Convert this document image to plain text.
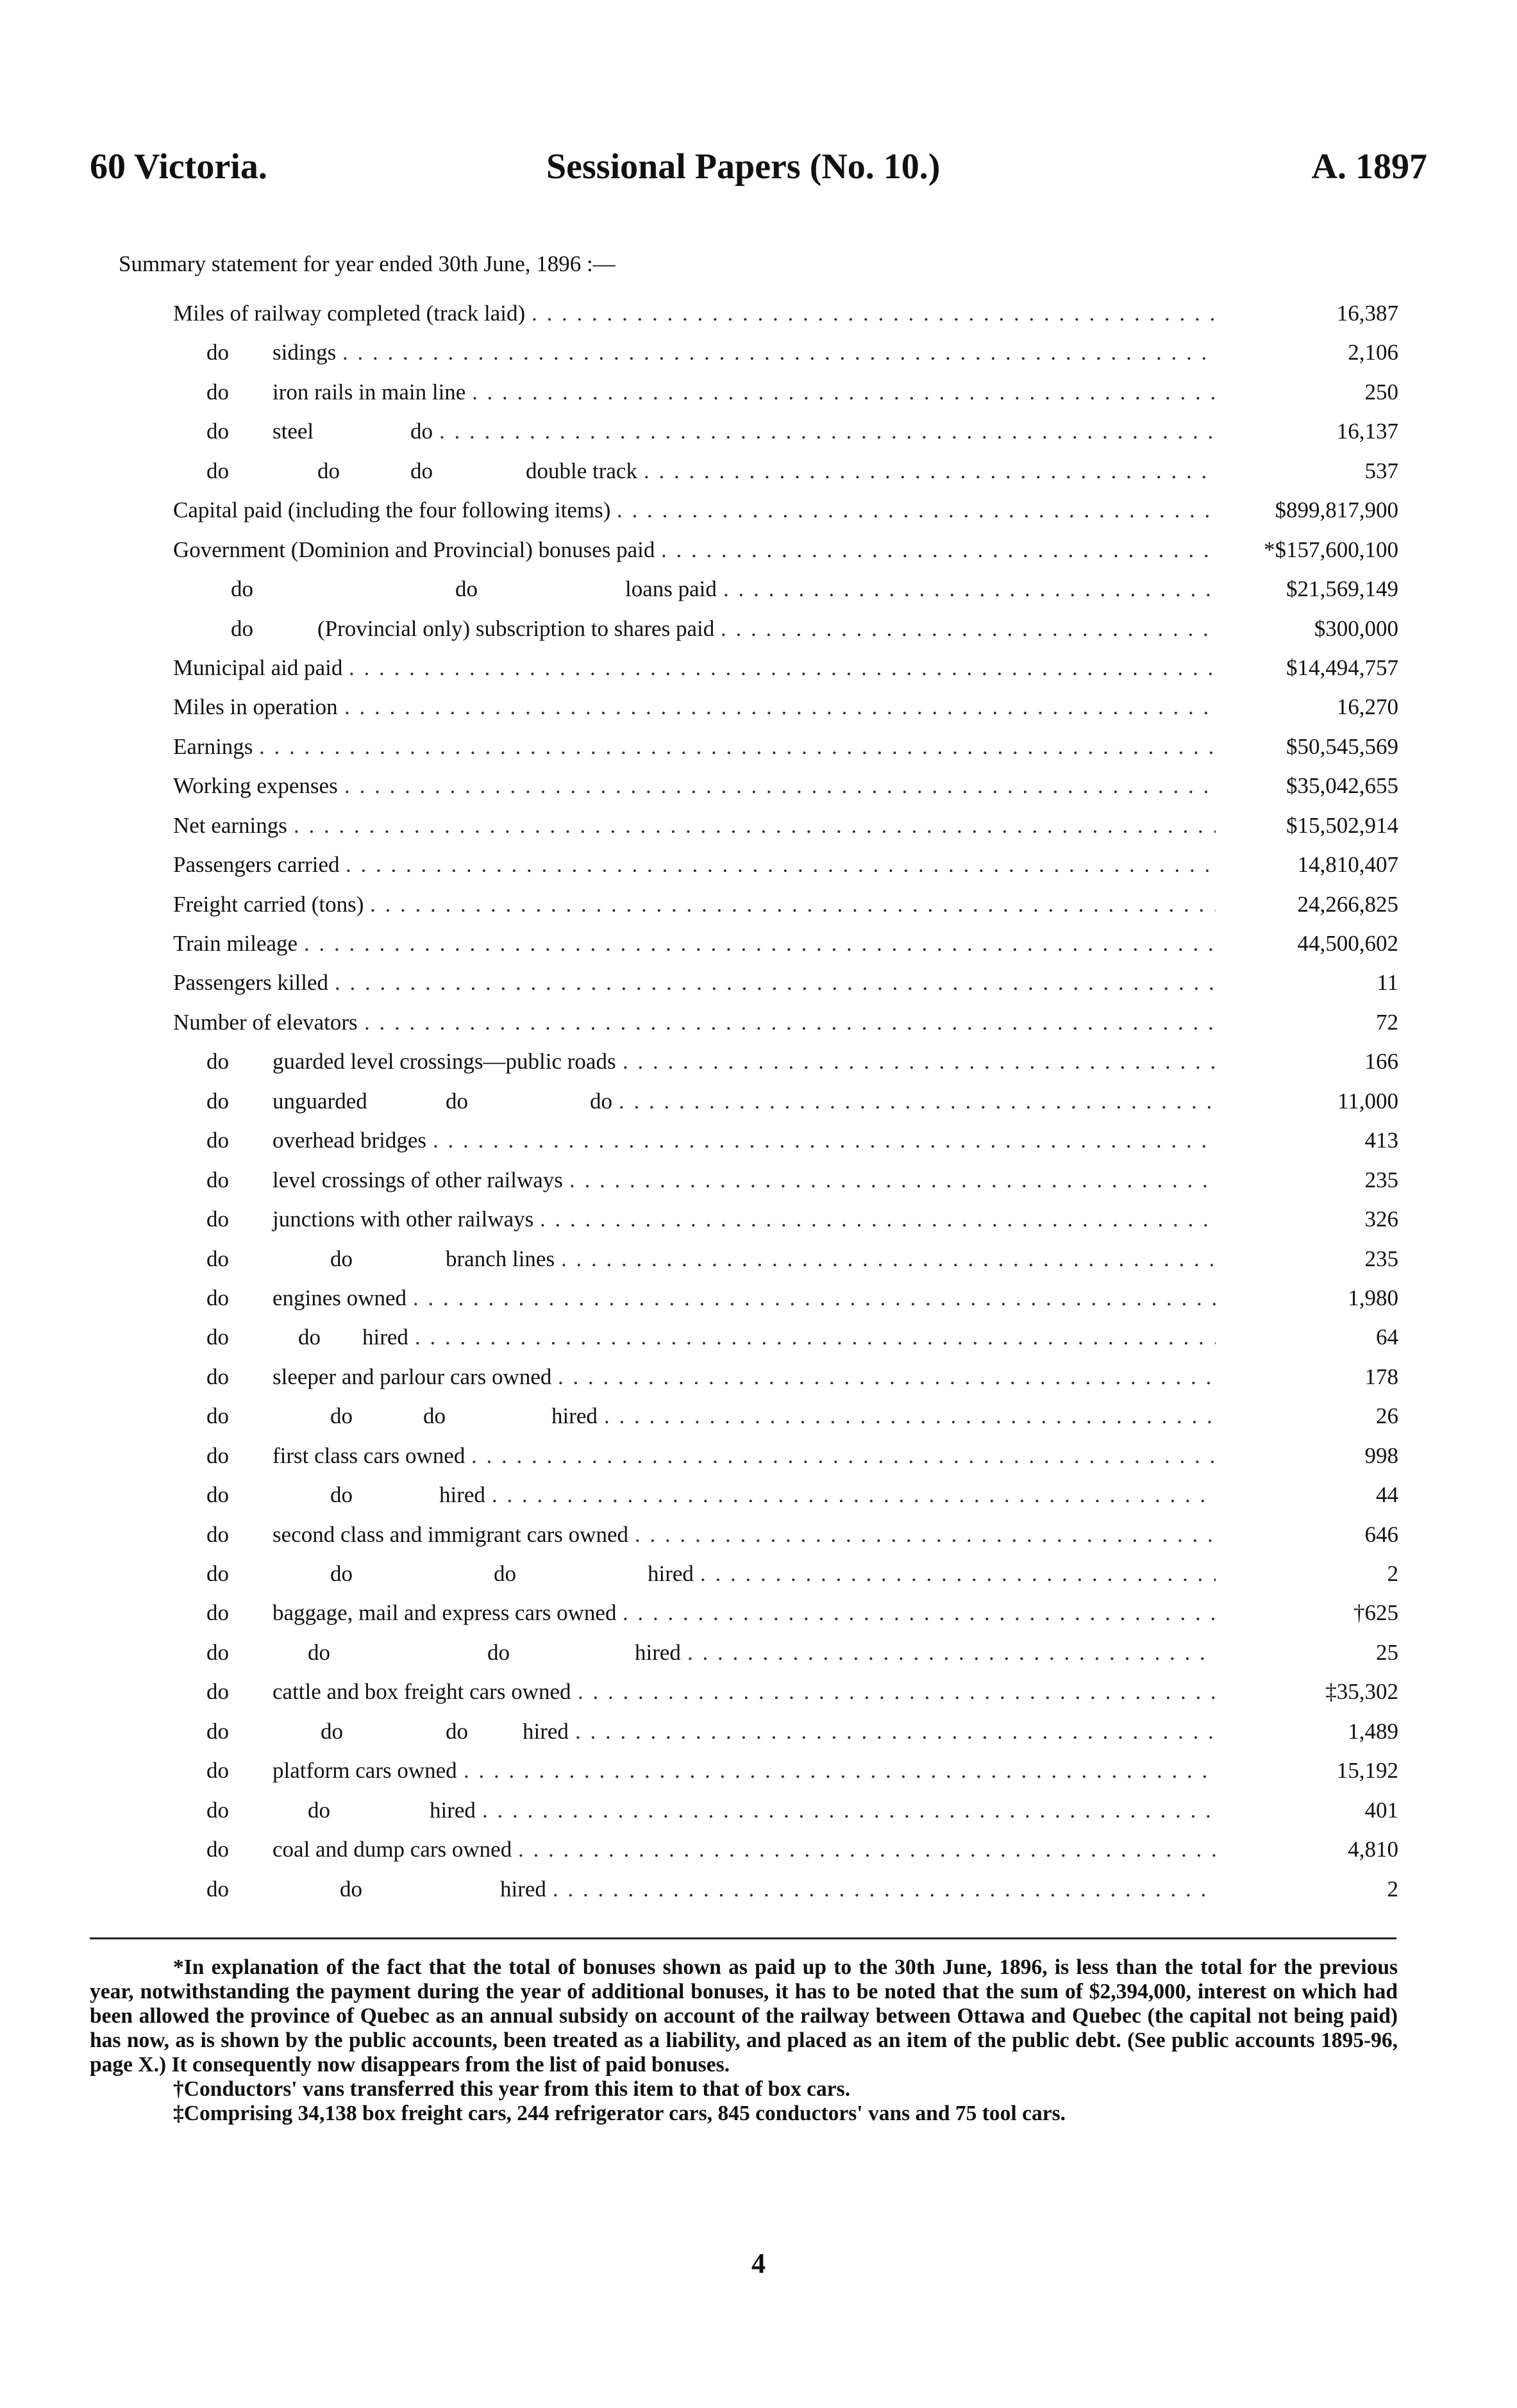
60 Victoria.	Sessional Papers (No. 10.)	A. 1897
Summary statement for year ended 30th June, 1896 :—
Miles of railway completed (track laid) . . .	16,387
do sidings . . .	2,106
do iron rails in main line . . .	250
do steel	do . . .	16,137
do	do	do	double track . . .	537
Capital paid (including the four following items) . . .	$899,817,900
Government (Dominion and Provincial) bonuses paid . . .	*$157,600,100
do	do	loans paid . . .	$21,569,149
do	(Provincial only) subscription to shares paid . . .	$300,000
Municipal aid paid . . .	$14,494,757
Miles in operation . . .	16,270
Earnings . . .	$50,545,569
Working expenses . . .	$35,042,655
Net earnings . . .	$15,502,914
Passengers carried . . .	14,810,407
Freight carried (tons) . . .	24,266,825
Train mileage . . .	44,500,602
Passengers killed . . .	11
Number of elevators . . .	72
do guarded level crossings—public roads . . .	166
do unguarded	do	do . . .	11,000
do overhead bridges . . .	413
do level crossings of other railways . . .	235
do junctions with other railways . . .	326
do	do	branch lines . . .	235
do engines owned . . .	1,980
do	do hired . . .	64
do sleeper and parlour cars owned . . .	178
do	do	do	hired . . .	26
do first class cars owned . . .	998
do	do	hired . . .	44
do second class and immigrant cars owned . . .	646
do	do	do	hired . . .	2
do baggage, mail and express cars owned . . .	†625
do	do	do	hired . . .	25
do cattle and box freight cars owned . . .	‡35,302
do	do	do hired . . .	1,489
do platform cars owned . . .	15,192
do	do	hired . . .	401
do coal and dump cars owned . . .	4,810
do	do	hired . . .	2

*In explanation of the fact that the total of bonuses shown as paid up to the 30th June, 1896, is less than the total for the previous year, notwithstanding the payment during the year of additional bonuses, it has to be noted that the sum of $2,394,000, interest on which had been allowed the province of Quebec as an annual subsidy on account of the railway between Ottawa and Quebec (the capital not being paid) has now, as is shown by the public accounts, been treated as a liability, and placed as an item of the public debt. (See public accounts 1895-96, page X.) It consequently now disappears from the list of paid bonuses.

†Conductors' vans transferred this year from this item to that of box cars.

‡Comprising 34,138 box freight cars, 244 refrigerator cars, 845 conductors' vans and 75 tool cars.

4
